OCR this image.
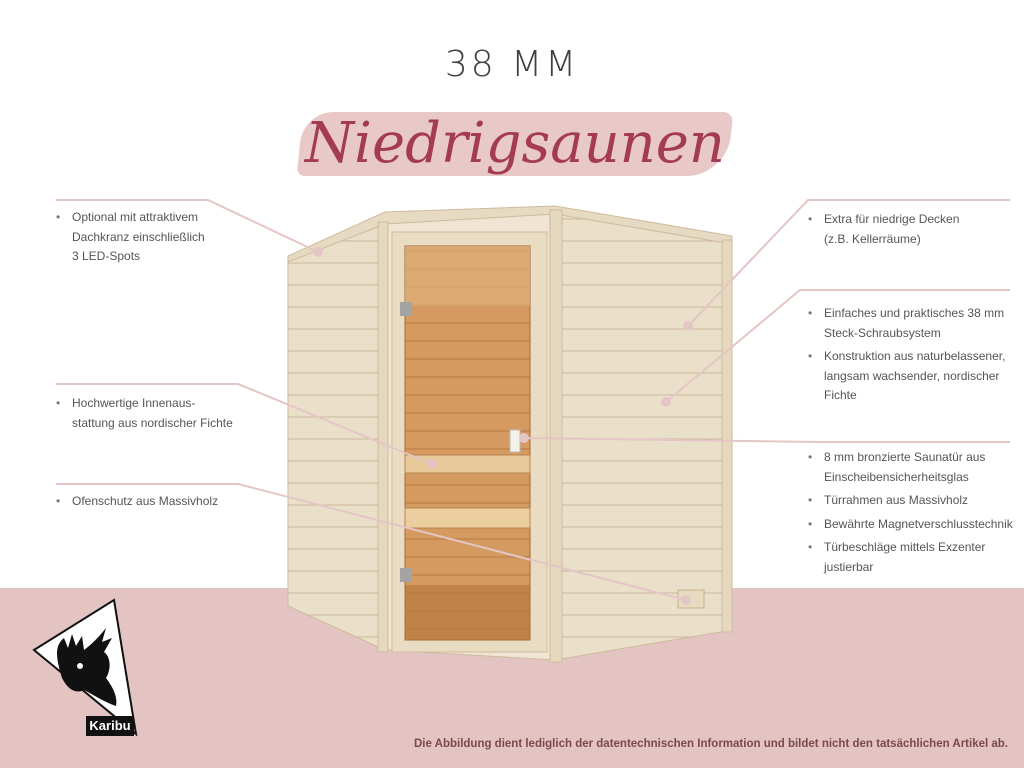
38 MM
Niedrigsaunen
• Optional mit attraktivem
Dachkranz einschließlich
3 LED-Spots
• Hochwertige Innenaus-
stattung aus nordischer Fichte
• Ofenschutz aus Massivholz
• Extra für niedrige Decken
(z.B. Kellerräume)
• Einfaches und praktisches 38 mm
Steck-Schraubsystem
• Konstruktion aus naturbelassener,
langsam wachsender, nordischer
Fichte
• 8 mm bronzierte Saunatür aus
Einscheibensicherheitsglas
• Türrahmen aus Massivholz
• Bewährte Magnetverschlusstechnik
• Türbeschläge mittels Exzenter
justierbar
Karibu
Die Abbildung dient lediglich der datentechnischen Information und bildet nicht den tatsächlichen Artikel ab.
